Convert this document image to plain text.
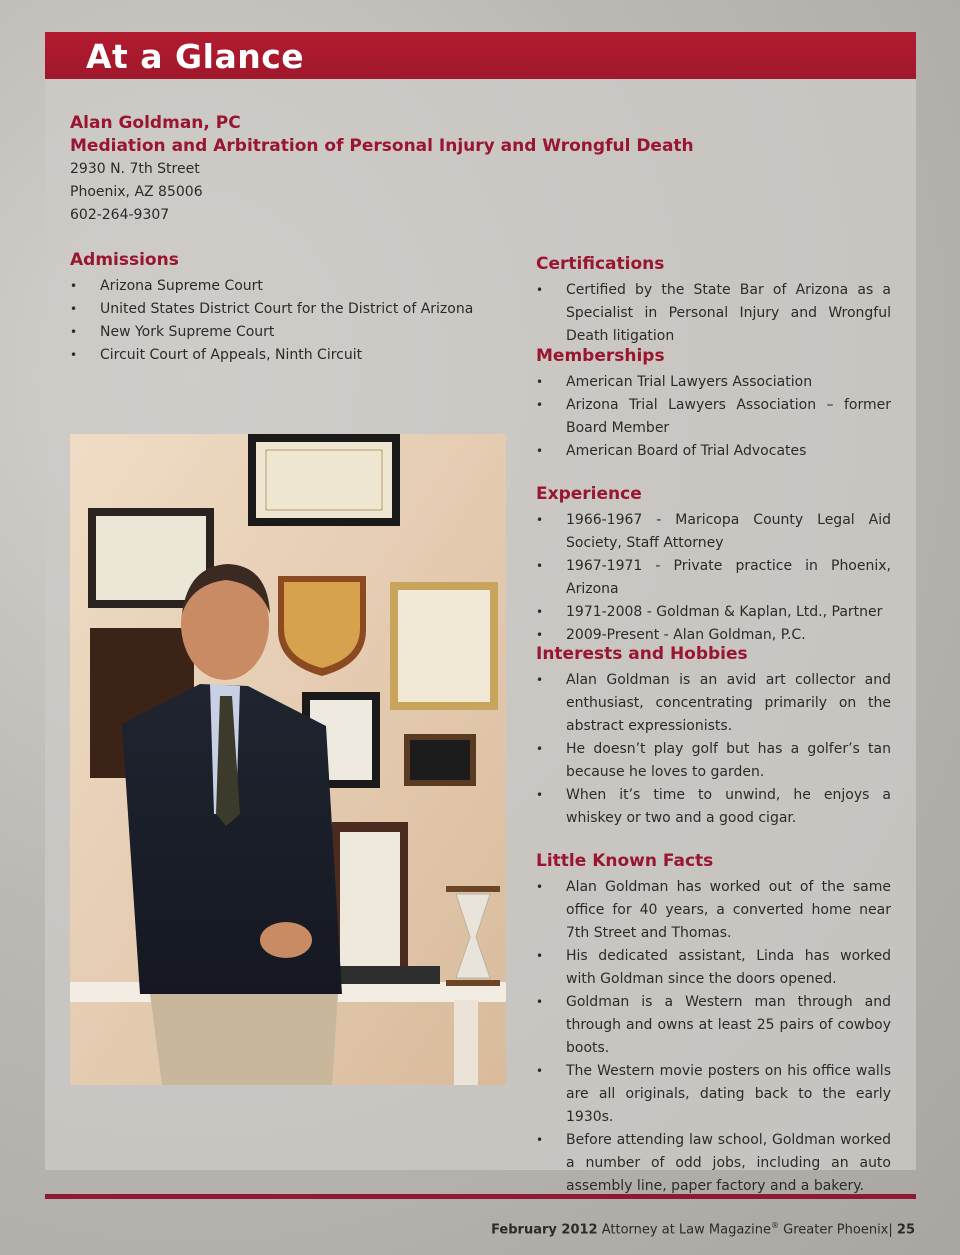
At a Glance

Alan Goldman, PC

Mediation and Arbitration of Personal Injury and Wrongful Death

2930 N. 7th Street

Phoenix, AZ 85006

602-264-9307

Admissions
• Arizona Supreme Court
• United States District Court for the District of Arizona
• New York Supreme Court
• Circuit Court of Appeals, Ninth Circuit
Certifications
• Certified by the State Bar of Arizona as a Specialist in Personal Injury and Wrongful Death litigation
Memberships
• American Trial Lawyers Association
• Arizona Trial Lawyers Association – former Board Member
• American Board of Trial Advocates
Experience
• 1966-1967 - Maricopa County Legal Aid Society, Staff Attorney
• 1967-1971 - Private practice in Phoenix, Arizona
• 1971-2008 - Goldman & Kaplan, Ltd., Partner
• 2009-Present - Alan Goldman, P.C.
Interests and Hobbies
• Alan Goldman is an avid art collector and enthusiast, concentrating primarily on the abstract expressionists.
• He doesn’t play golf but has a golfer’s tan because he loves to garden.
• When it’s time to unwind, he enjoys a whiskey or two and a good cigar.
Little Known Facts
• Alan Goldman has worked out of the same office for 40 years, a converted home near 7th Street and Thomas.
• His dedicated assistant, Linda has worked with Goldman since the doors opened.
• Goldman is a Western man through and through and owns at least 25 pairs of cowboy boots.
• The Western movie posters on his office walls are all originals, dating back to the early 1930s.
• Before attending law school, Goldman worked a number of odd jobs, including an auto assembly line, paper factory and a bakery.
February 2012 Attorney at Law Magazine® Greater Phoenix| 25
